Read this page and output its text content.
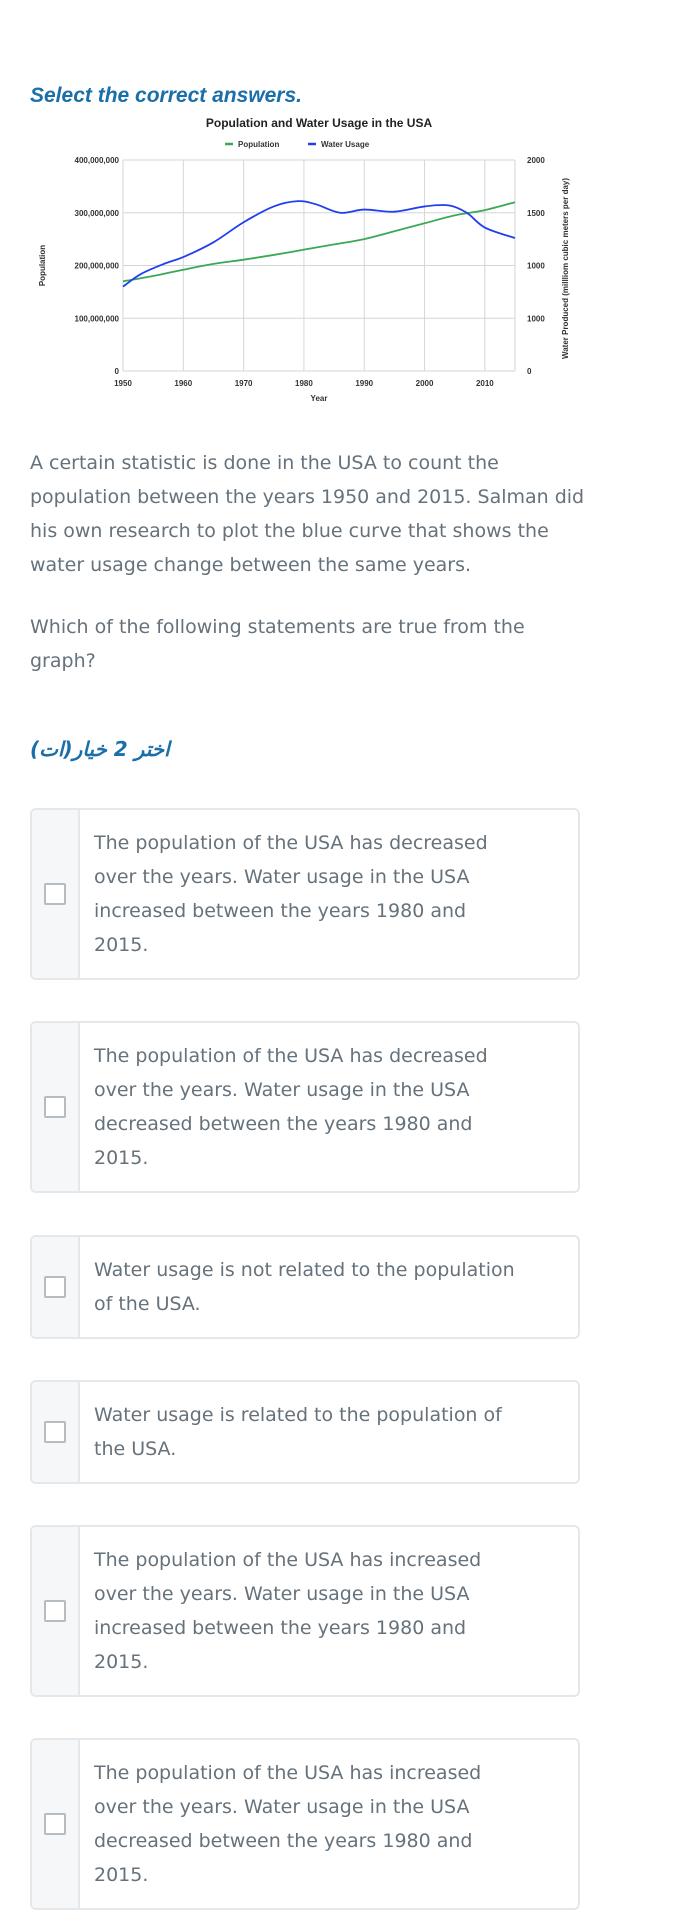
Select the correct answers.
Population and Water Usage in the USA
Population	Water Usage
0
100,000,000
200,000,000
300,000,000
400,000,000
0
1000
1000
1500
2000
1950	1960	1970	1980	1990	2000	2010
Year
Population	Water Produced (millliom cubic meters per day)

A certain statistic is done in the USA to count the population between the years 1950 and 2015. Salman did his own research to plot the blue curve that shows the water usage change between the same years.

Which of the following statements are true from the graph?

اختر 2 خيار(ات)

The population of the USA has decreased over the years. Water usage in the USA increased between the years 1980 and 2015.
The population of the USA has decreased over the years. Water usage in the USA decreased between the years 1980 and 2015.
Water usage is not related to the population of the USA.
Water usage is related to the population of the USA.
The population of the USA has increased over the years. Water usage in the USA increased between the years 1980 and 2015.
The population of the USA has increased over the years. Water usage in the USA decreased between the years 1980 and 2015.
